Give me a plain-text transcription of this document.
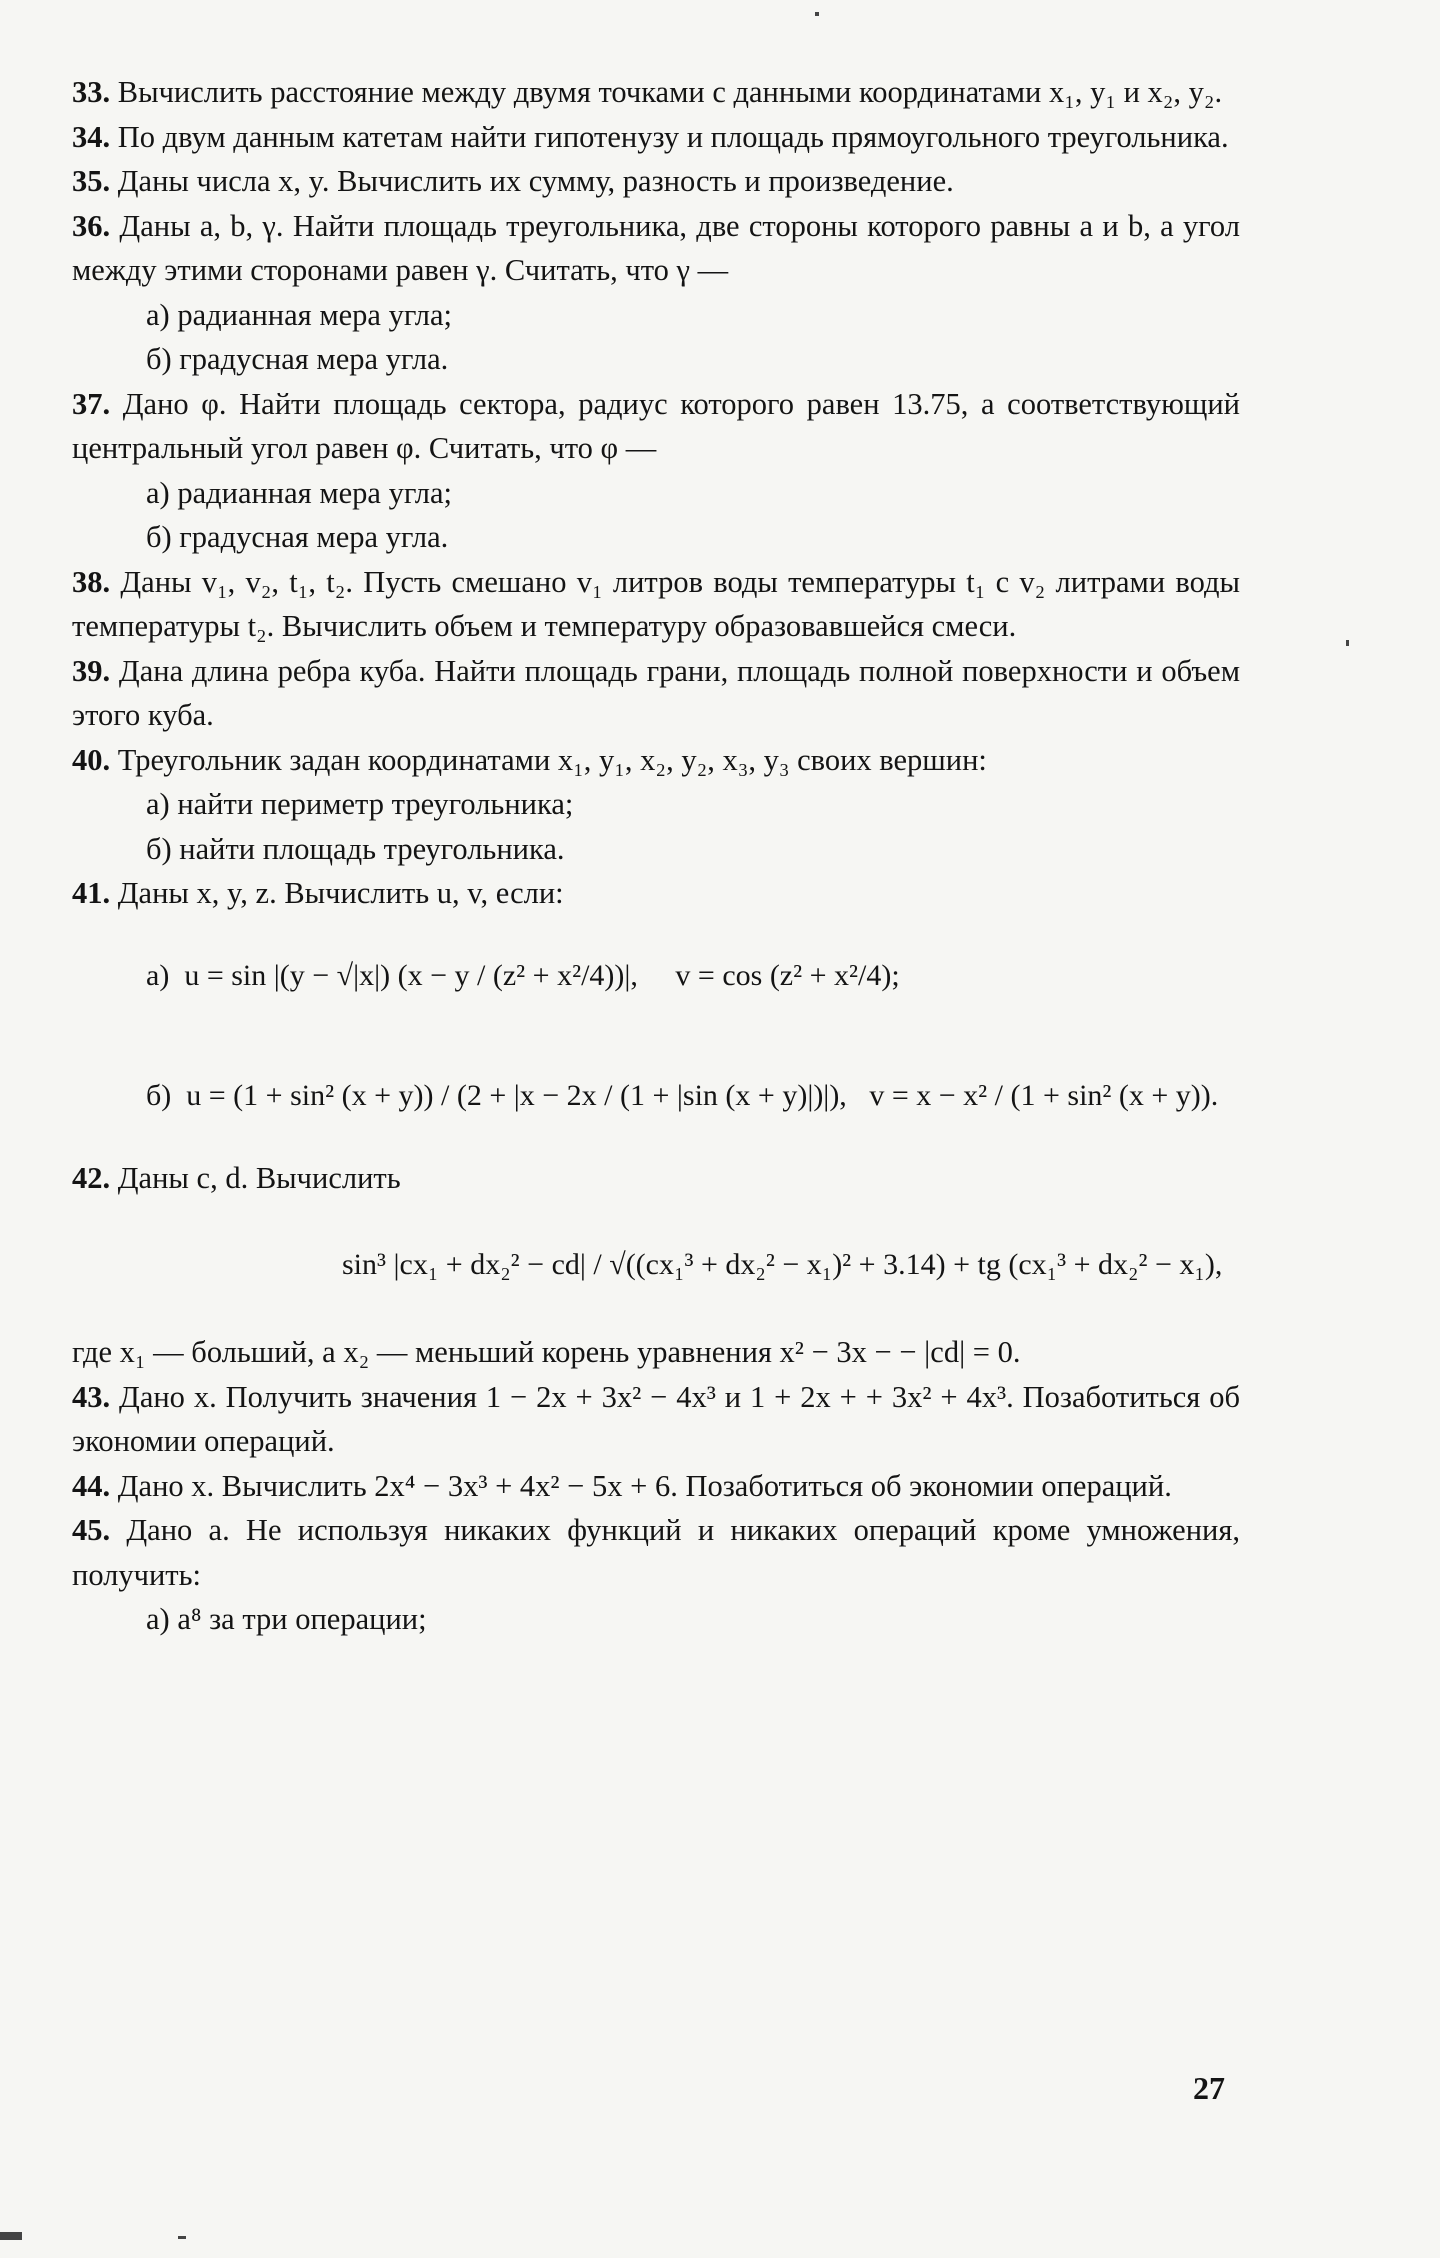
33. Вычислить расстояние между двумя точками с данными координатами x₁, y₁ и x₂, y₂.

34. По двум данным катетам найти гипотенузу и площадь прямоугольного треугольника.

35. Даны числа x, y. Вычислить их сумму, разность и произведение.

36. Даны a, b, γ. Найти площадь треугольника, две стороны которого равны a и b, а угол между этими сторонами равен γ. Считать, что γ —

а) радианная мера угла;

б) градусная мера угла.

37. Дано φ. Найти площадь сектора, радиус которого равен 13.75, а соответствующий центральный угол равен φ. Считать, что φ —

а) радианная мера угла;

б) градусная мера угла.

38. Даны v₁, v₂, t₁, t₂. Пусть смешано v₁ литров воды температуры t₁ с v₂ литрами воды температуры t₂. Вычислить объем и температуру образовавшейся смеси.

39. Дана длина ребра куба. Найти площадь грани, площадь полной поверхности и объем этого куба.

40. Треугольник задан координатами x₁, y₁, x₂, y₂, x₃, y₃ своих вершин:

а) найти периметр треугольника;

б) найти площадь треугольника.

41. Даны x, y, z. Вычислить u, v, если:

а) u = sin |(y − √|x|) (x − y / (z² + x²/4))|, v = cos (z² + x²/4);
б) u = (1 + sin² (x + y)) / (2 + |x − 2x / (1 + |sin (x + y)|)|), v = x − x² / (1 + sin² (x + y)).

42. Даны c, d. Вычислить

sin³ |cx₁ + dx₂² − cd| / √((cx₁³ + dx₂² − x₁)² + 3.14) + tg (cx₁³ + dx₂² − x₁),

где x₁ — больший, а x₂ — меньший корень уравнения x² − 3x − − |cd| = 0.

43. Дано x. Получить значения 1 − 2x + 3x² − 4x³ и 1 + 2x + + 3x² + 4x³. Позаботиться об экономии операций.

44. Дано x. Вычислить 2x⁴ − 3x³ + 4x² − 5x + 6. Позаботиться об экономии операций.

45. Дано a. Не используя никаких функций и никаких операций кроме умножения, получить:

а) a⁸ за три операции;

27
